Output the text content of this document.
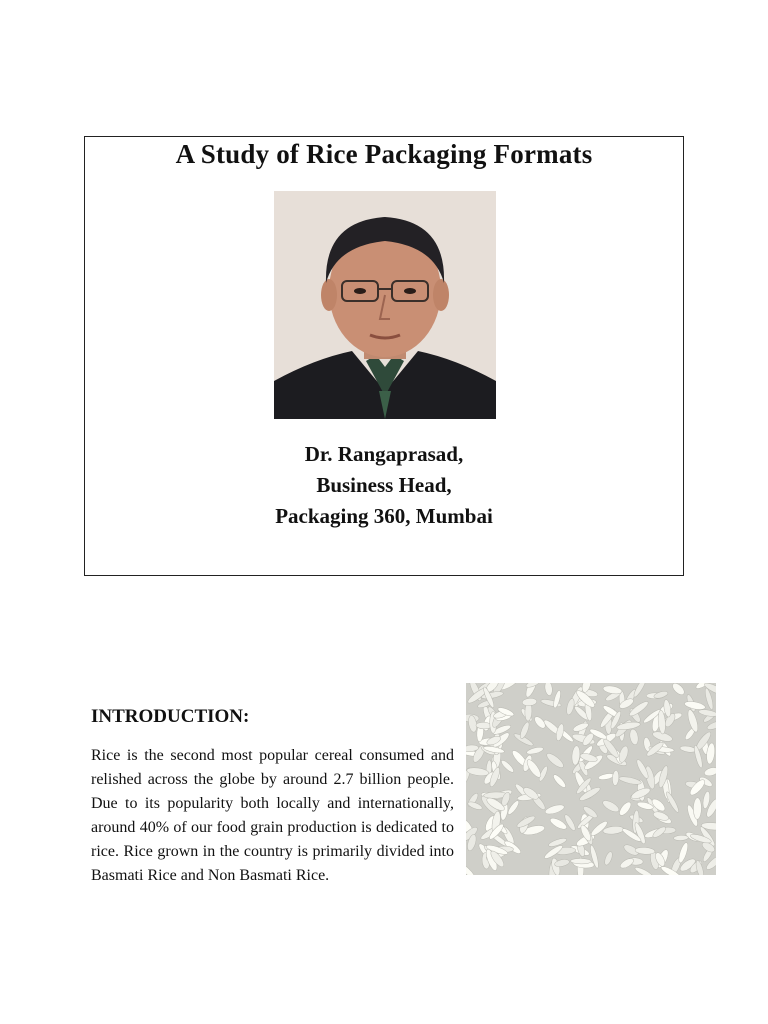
A Study of Rice Packaging Formats
Dr. Rangaprasad,
Business Head,
Packaging 360, Mumbai
INTRODUCTION:

Rice is the second most popular cereal consumed and relished across the globe by around 2.7 billion people. Due to its popularity both locally and internationally, around 40% of our food grain production is dedicated to rice. Rice grown in the country is primarily divided into Basmati Rice and Non Basmati Rice.
